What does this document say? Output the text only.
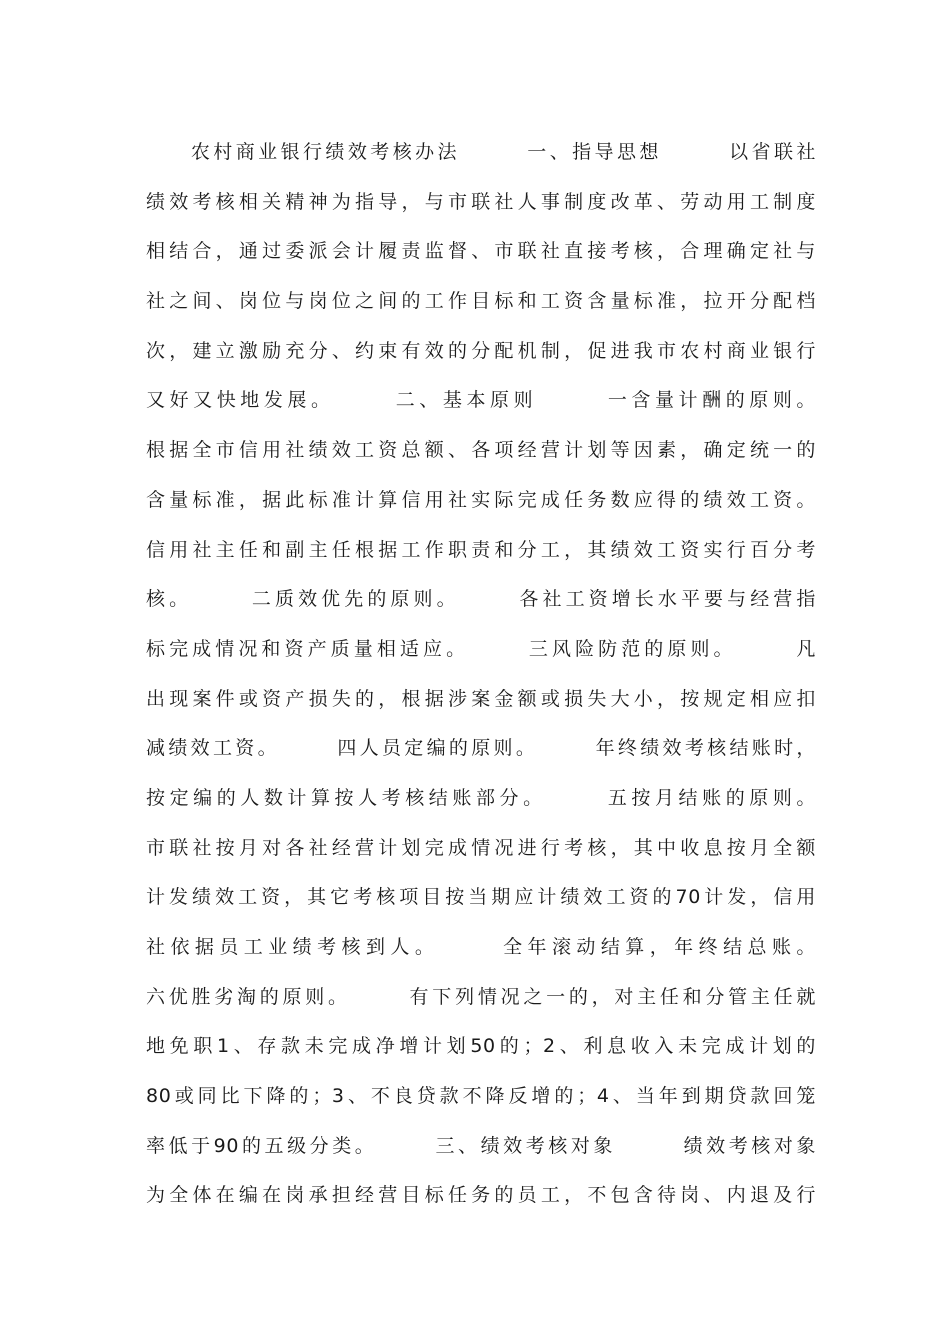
　　农村商业银行绩效考核办法　　　一、指导思想　　　以省联社
绩效考核相关精神为指导，与市联社人事制度改革、劳动用工制度
相结合，通过委派会计履责监督、市联社直接考核，合理确定社与
社之间、岗位与岗位之间的工作目标和工资含量标准，拉开分配档
次，建立激励充分、约束有效的分配机制，促进我市农村商业银行
又好又快地发展。　　　二、基本原则　　　一含量计酬的原则。
根据全市信用社绩效工资总额、各项经营计划等因素，确定统一的
含量标准，据此标准计算信用社实际完成任务数应得的绩效工资。
信用社主任和副主任根据工作职责和分工，其绩效工资实行百分考
核。　　　二质效优先的原则。　　　各社工资增长水平要与经营指
标完成情况和资产质量相适应。　　　三风险防范的原则。　　　凡
出现案件或资产损失的，根据涉案金额或损失大小，按规定相应扣
减绩效工资。　　　四人员定编的原则。　　　年终绩效考核结账时，
按定编的人数计算按人考核结账部分。　　　五按月结账的原则。
市联社按月对各社经营计划完成情况进行考核，其中收息按月全额
计发绩效工资，其它考核项目按当期应计绩效工资的70计发，信用
社依据员工业绩考核到人。　　　全年滚动结算，年终结总账。
六优胜劣淘的原则。　　　有下列情况之一的，对主任和分管主任就
地免职1、存款未完成净增计划50的；2、利息收入未完成计划的
80或同比下降的；3、不良贷款不降反增的；4、当年到期贷款回笼
率低于90的五级分类。　　　三、绩效考核对象　　　绩效考核对象
为全体在编在岗承担经营目标任务的员工，不包含待岗、内退及行
